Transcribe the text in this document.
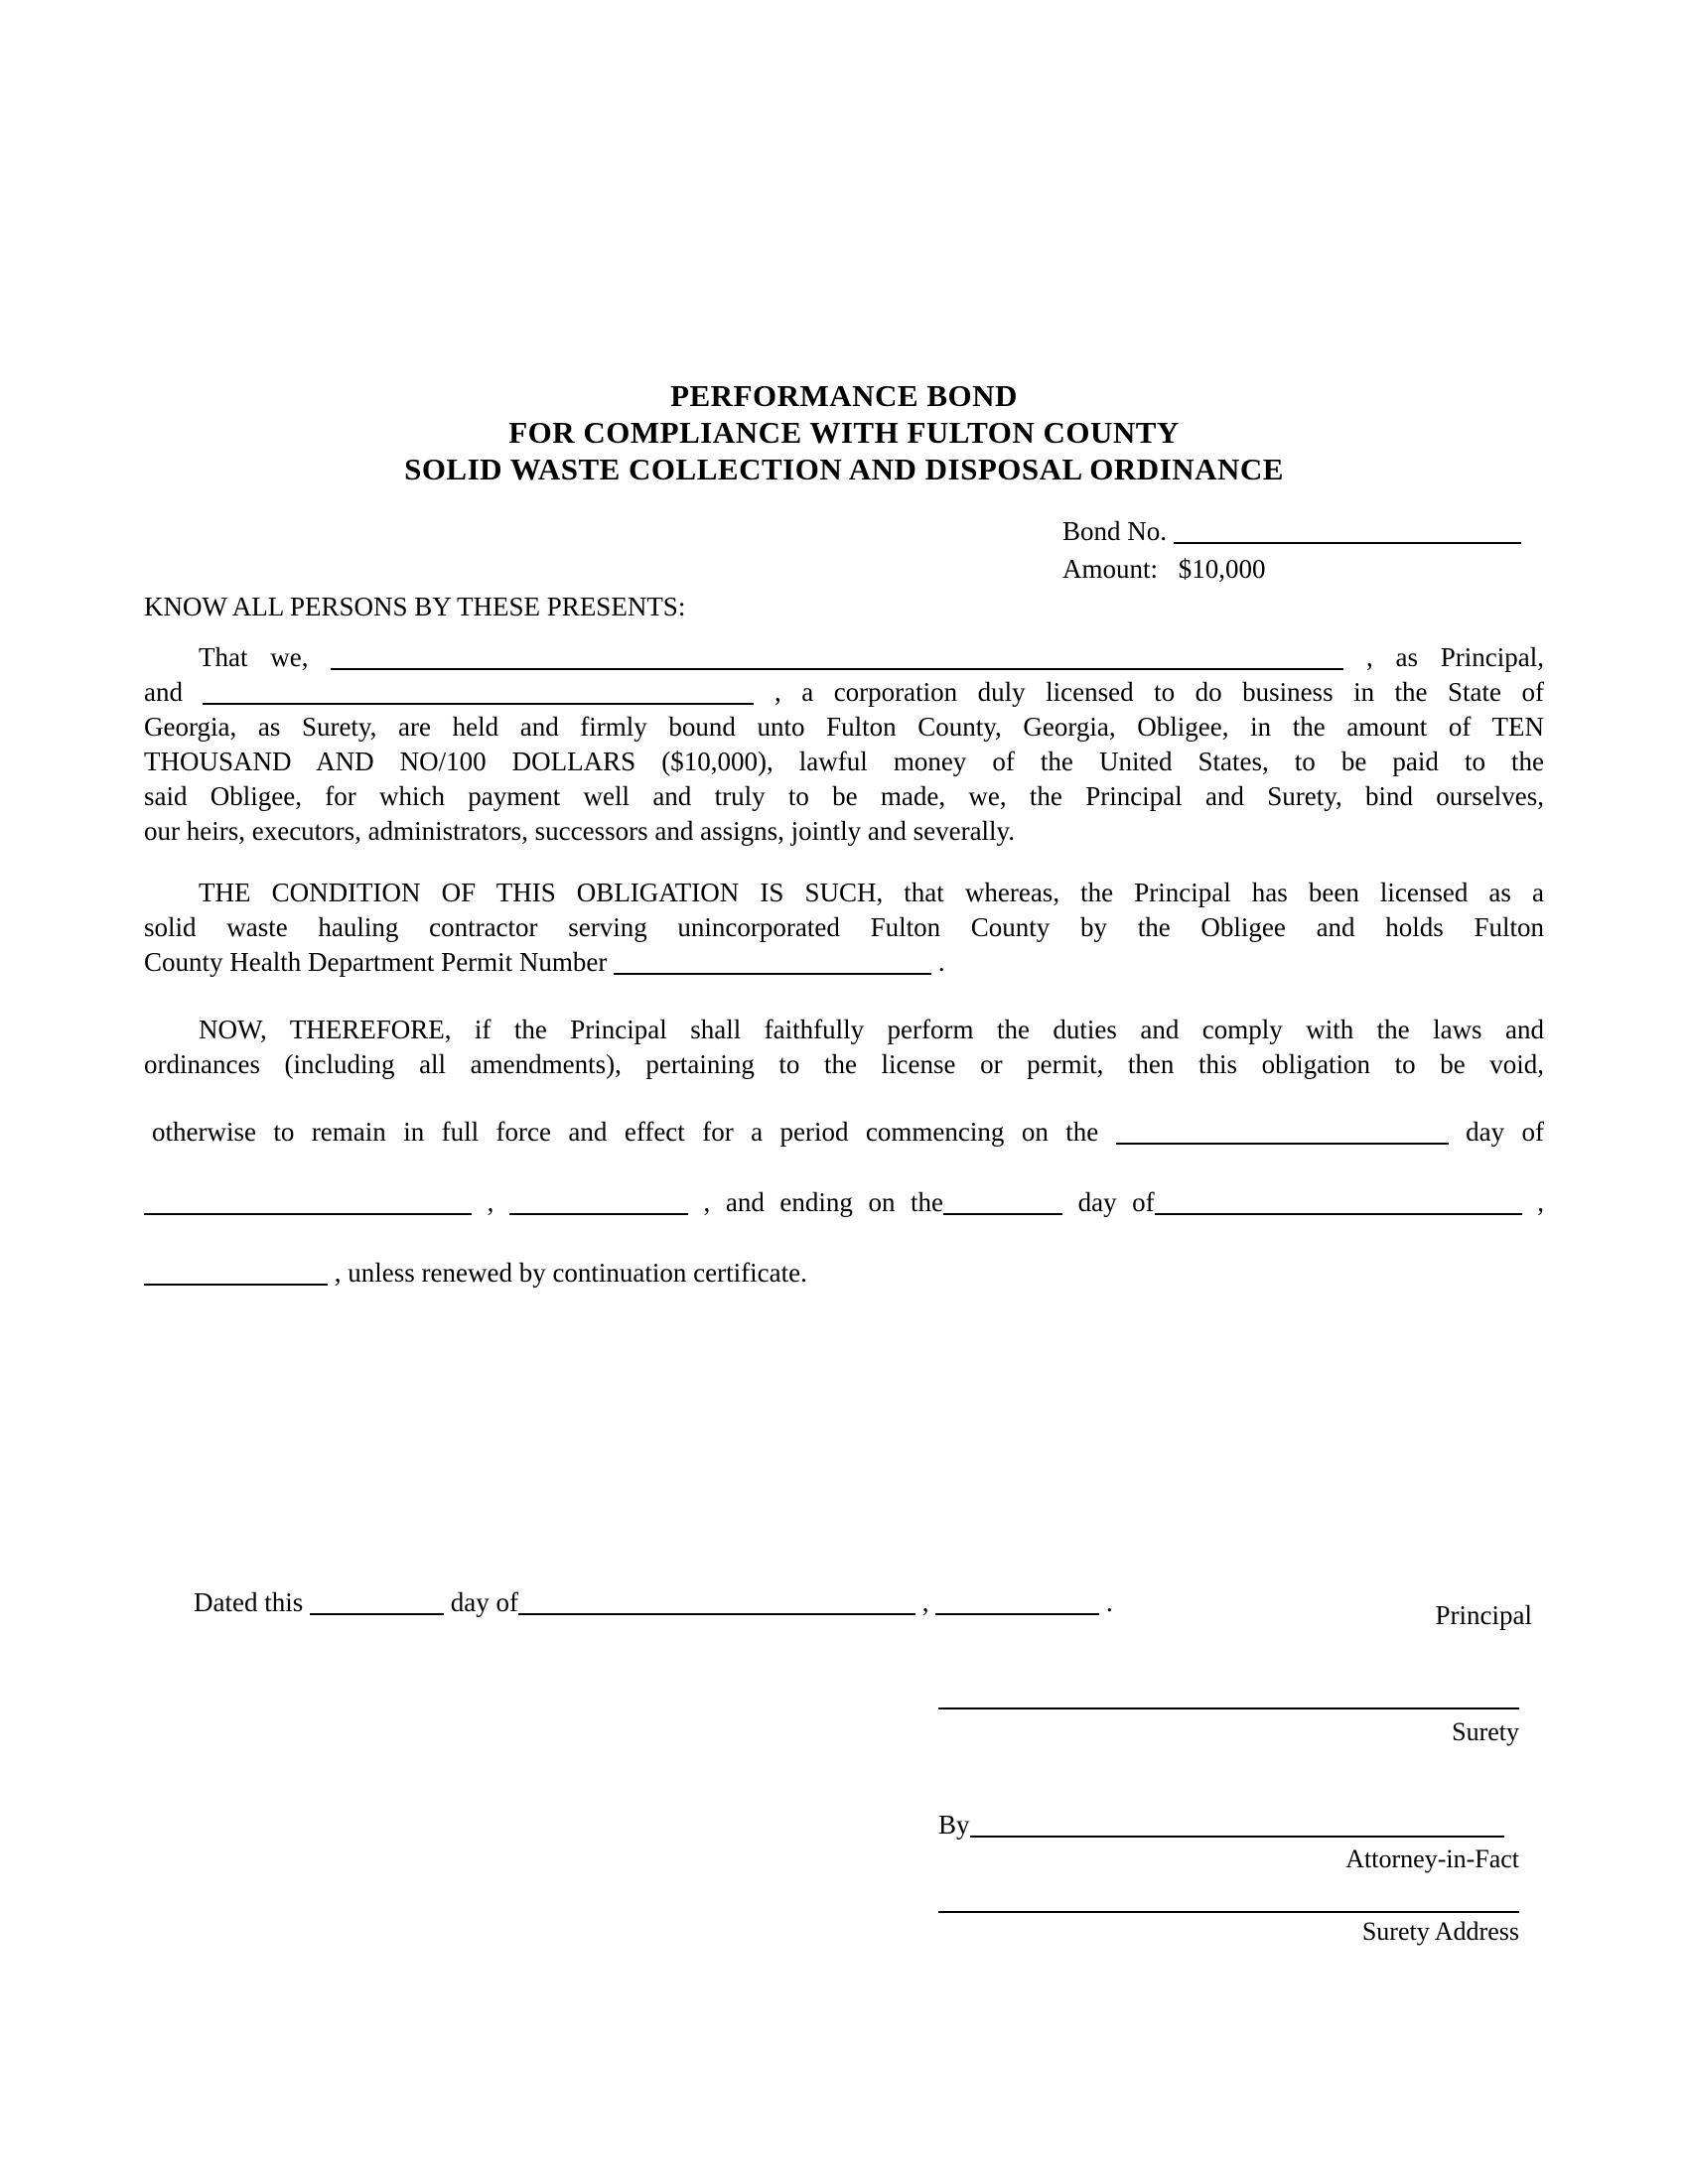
PERFORMANCE BOND
FOR COMPLIANCE WITH FULTON COUNTY
SOLID WASTE COLLECTION AND DISPOSAL ORDINANCE
Bond No.
Amount: $10,000
KNOW ALL PERSONS BY THESE PRESENTS:
That we,	, as Principal,
and	, a corporation duly licensed to do business in the State of
Georgia, as Surety, are held and firmly bound unto Fulton County, Georgia, Obligee, in the amount of TEN
THOUSAND AND NO/100 DOLLARS ($10,000), lawful money of the United States, to be paid to the
said Obligee, for which payment well and truly to be made, we, the Principal and Surety, bind ourselves,
our heirs, executors, administrators, successors and assigns, jointly and severally.
THE CONDITION OF THIS OBLIGATION IS SUCH, that whereas, the Principal has been licensed as a
solid waste hauling contractor serving unincorporated Fulton County by the Obligee and holds Fulton
County Health Department Permit Number	.
NOW, THEREFORE, if the Principal shall faithfully perform the duties and comply with the laws and
ordinances (including all amendments), pertaining to the license or permit, then this obligation to be void,
otherwise to remain in full force and effect for a period commencing on the	day of
,	, and ending on the	day of	,
, unless renewed by continuation certificate.
Dated this	day of	,	.	Principal
Surety
By
Attorney-in-Fact
Surety Address
